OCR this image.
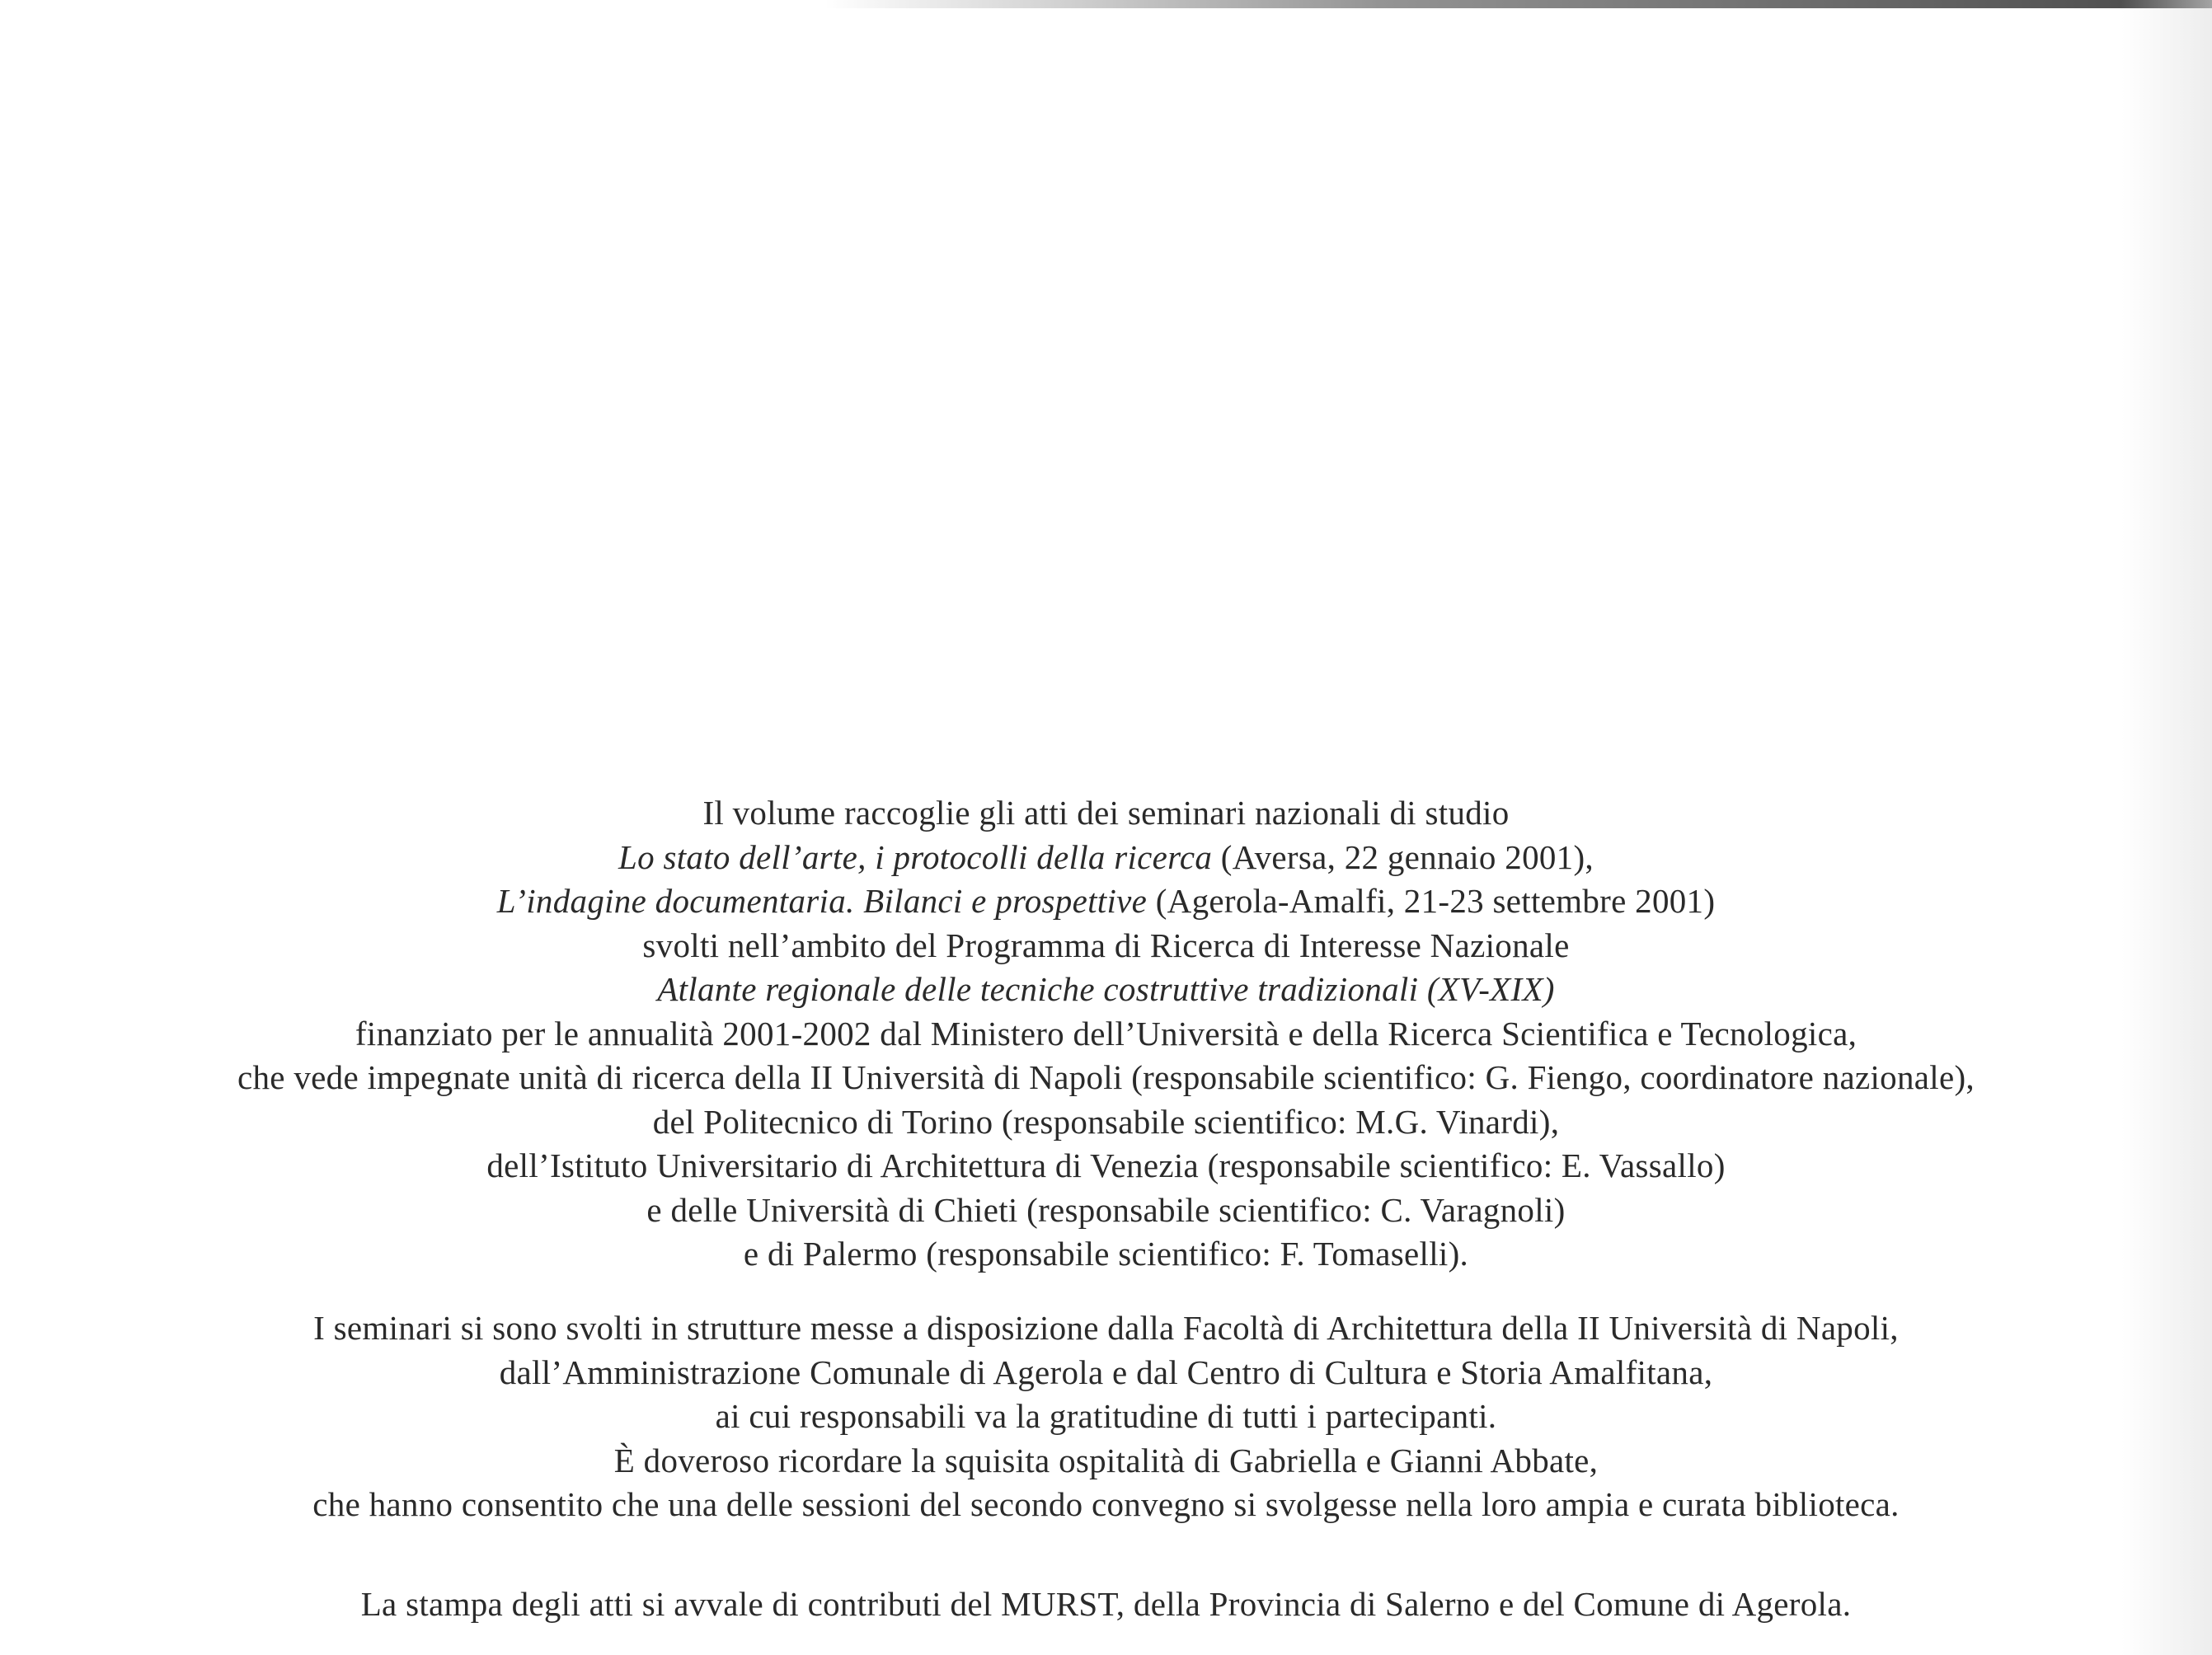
Il volume raccoglie gli atti dei seminari nazionali di studio
Lo stato dell’arte, i protocolli della ricerca (Aversa, 22 gennaio 2001),
L’indagine documentaria. Bilanci e prospettive (Agerola-Amalfi, 21-23 settembre 2001)
svolti nell’ambito del Programma di Ricerca di Interesse Nazionale
Atlante regionale delle tecniche costruttive tradizionali (XV-XIX)
finanziato per le annualità 2001-2002 dal Ministero dell’Università e della Ricerca Scientifica e Tecnologica,
che vede impegnate unità di ricerca della II Università di Napoli (responsabile scientifico: G. Fiengo, coordinatore nazionale),
del Politecnico di Torino (responsabile scientifico: M.G. Vinardi),
dell’Istituto Universitario di Architettura di Venezia (responsabile scientifico: E. Vassallo)
e delle Università di Chieti (responsabile scientifico: C. Varagnoli)
e di Palermo (responsabile scientifico: F. Tomaselli).
I seminari si sono svolti in strutture messe a disposizione dalla Facoltà di Architettura della II Università di Napoli,
dall’Amministrazione Comunale di Agerola e dal Centro di Cultura e Storia Amalfitana,
ai cui responsabili va la gratitudine di tutti i partecipanti.
È doveroso ricordare la squisita ospitalità di Gabriella e Gianni Abbate,
che hanno consentito che una delle sessioni del secondo convegno si svolgesse nella loro ampia e curata biblioteca.
La stampa degli atti si avvale di contributi del MURST, della Provincia di Salerno e del Comune di Agerola.
